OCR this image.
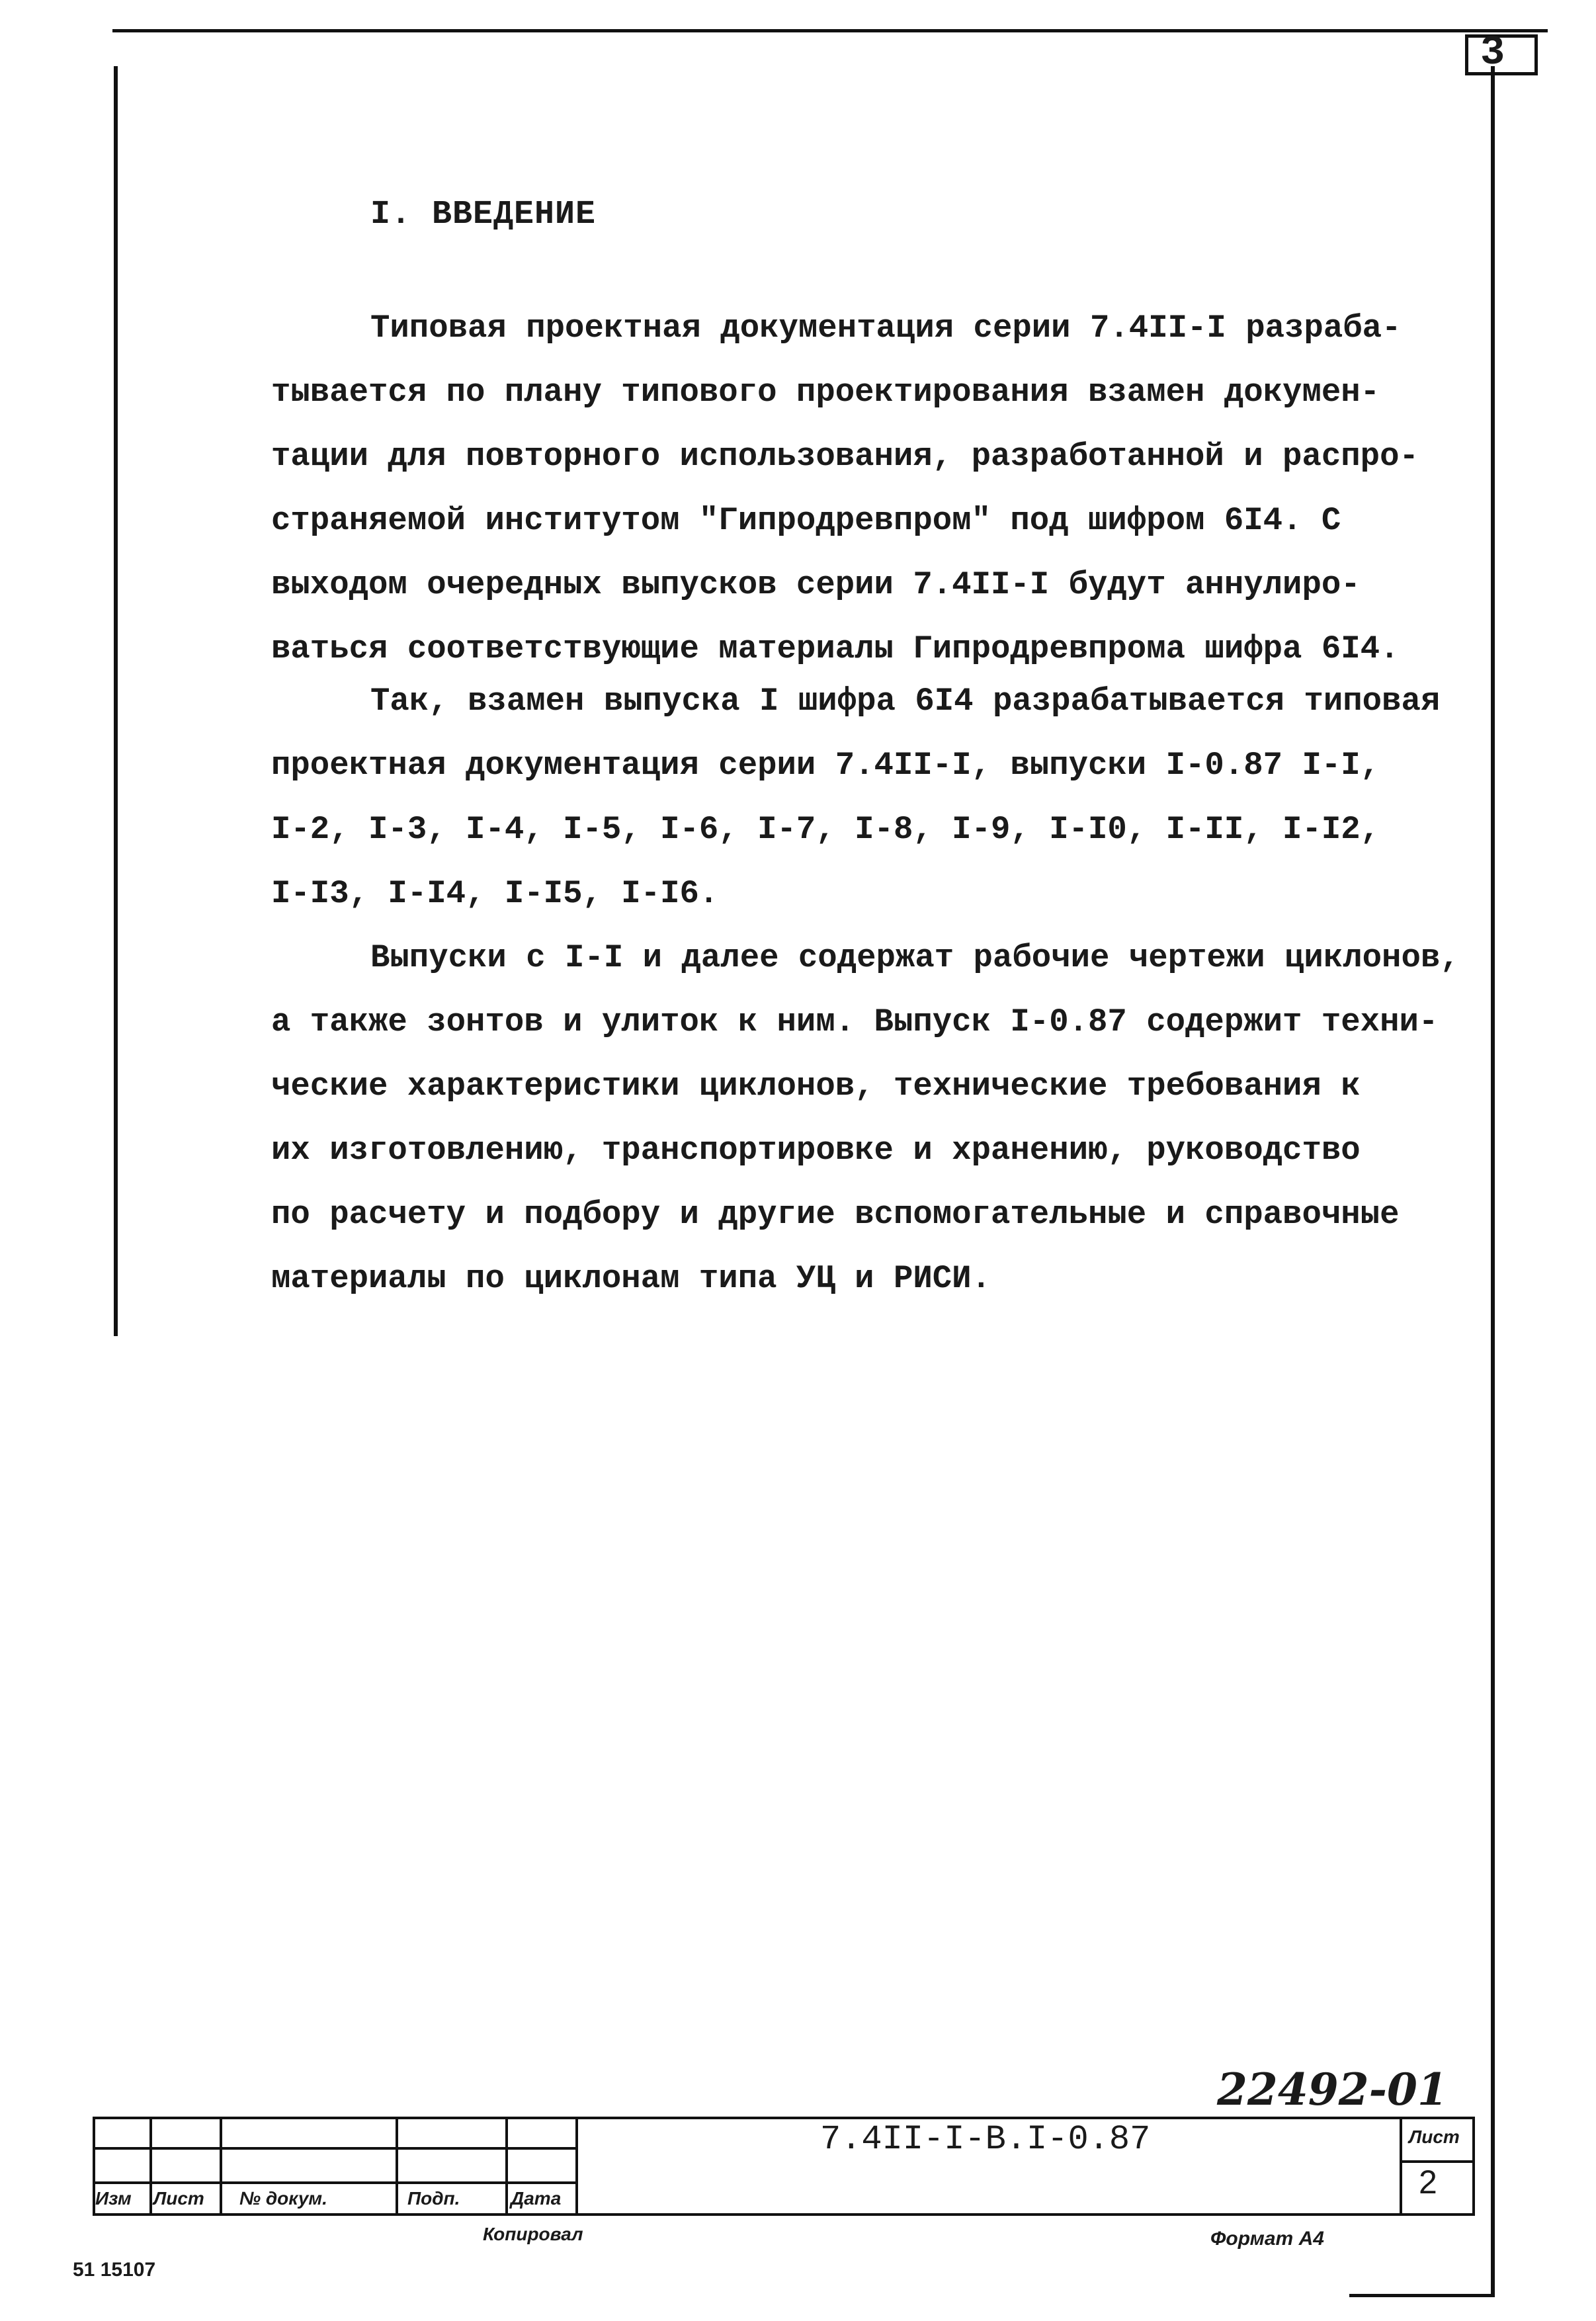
3
I. ВВЕДЕНИЕ
Типовая проектная документация серии 7.4II-I разраба-
тывается по плану типового проектирования взамен докумен-
тации для повторного использования, разработанной и распро-
страняемой институтом "Гипродревпром" под шифром 6I4. С
выходом очередных выпусков серии 7.4II-I будут аннулиро-
ваться соответствующие материалы Гипродревпрома шифра 6I4.
Так, взамен выпуска I шифра 6I4 разрабатывается типовая
проектная документация серии 7.4II-I, выпуски I-0.87 I-I,
I-2, I-3, I-4, I-5, I-6, I-7, I-8, I-9, I-I0, I-II, I-I2,
I-I3, I-I4, I-I5, I-I6.
Выпуски с I-I и далее содержат рабочие чертежи циклонов,
а также зонтов и улиток к ним. Выпуск I-0.87 содержит техни-
ческие характеристики циклонов, технические требования к
их изготовлению, транспортировке и хранению, руководство
по расчету и подбору и другие вспомогательные и справочные
материалы по циклонам типа УЦ и РИСИ.
22492-01
Изм Лист № докум.	Подп.	Дата
7.4II-I-В.I-0.87	Лист
2
Копировал	Формат А4
51 15107
